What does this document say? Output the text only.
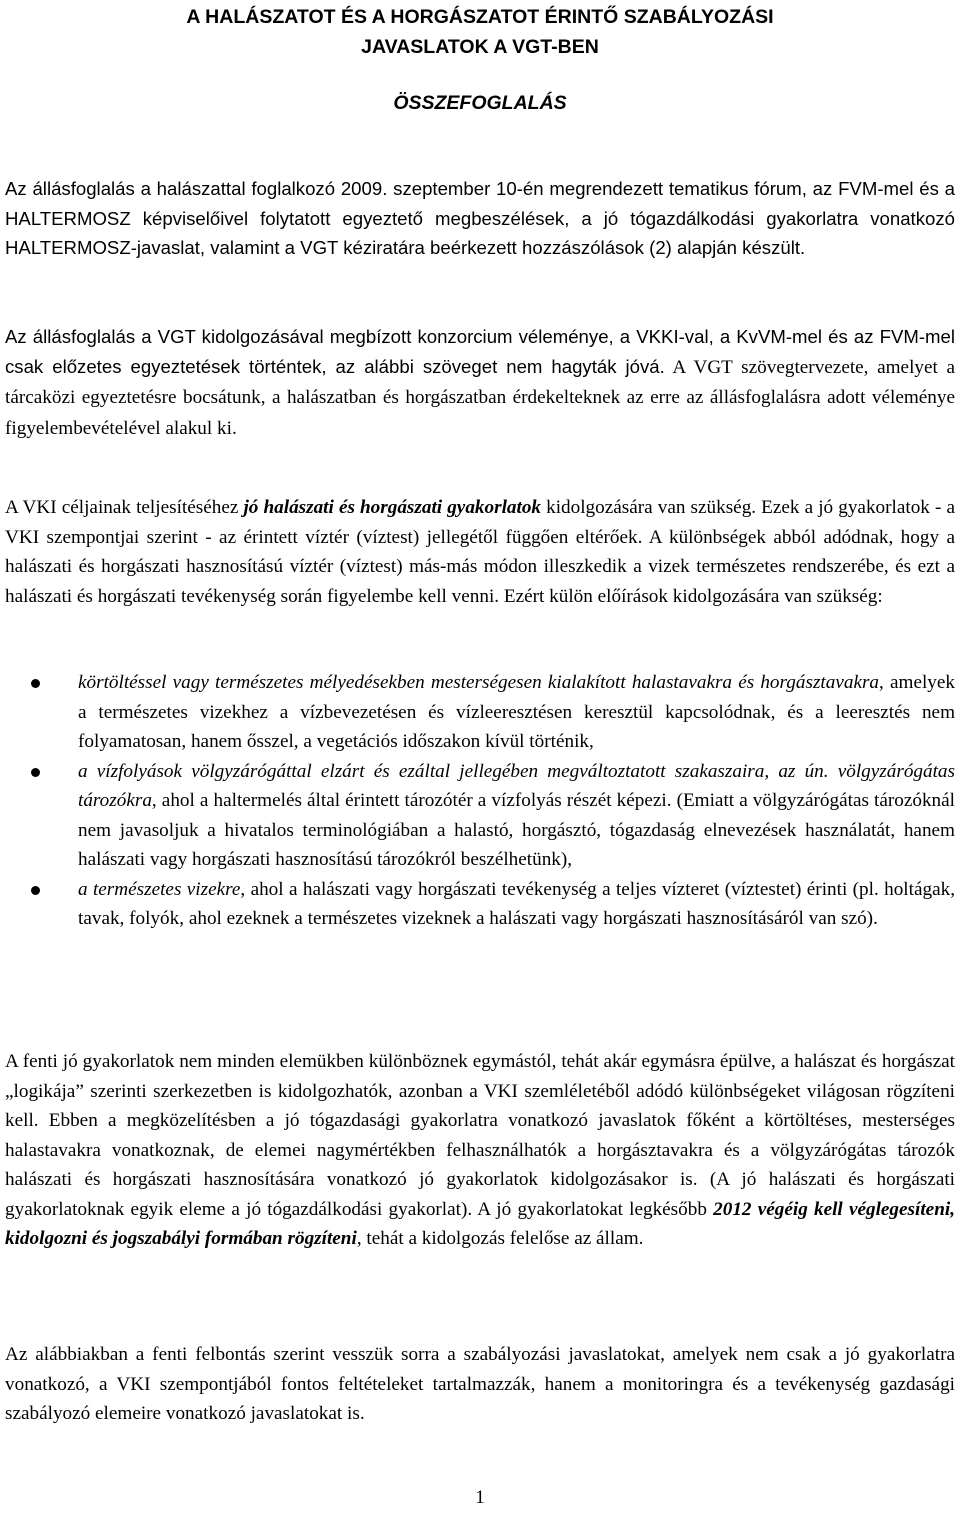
A HALÁSZATOT ÉS A HORGÁSZATOT ÉRINTŐ SZABÁLYOZÁSI

JAVASLATOK A VGT-BEN

ÖSSZEFOGLALÁS

Az állásfoglalás a halászattal foglalkozó 2009. szeptember 10-én megrendezett tematikus fórum, az FVM-mel és a HALTERMOSZ képviselőivel folytatott egyeztető megbeszélések, a jó tógazdálkodási gyakorlatra vonatkozó HALTERMOSZ-javaslat, valamint a VGT kéziratára beérkezett hozzászólások (2) alapján készült.

Az állásfoglalás a VGT kidolgozásával megbízott konzorcium véleménye, a VKKI-val, a KvVM-mel és az FVM-mel csak előzetes egyeztetések történtek, az alábbi szöveget nem hagyták jóvá. A VGT szövegtervezete, amelyet a tárcaközi egyeztetésre bocsátunk, a halászatban és horgászatban érdekelteknek az erre az állásfoglalásra adott véleménye figyelembevételével alakul ki.

A VKI céljainak teljesítéséhez jó halászati és horgászati gyakorlatok kidolgozására van szükség. Ezek a jó gyakorlatok - a VKI szempontjai szerint - az érintett víztér (víztest) jellegétől függően eltérőek. A különbségek abból adódnak, hogy a halászati és horgászati hasznosítású víztér (víztest) más-más módon illeszkedik a vizek természetes rendszerébe, és ezt a halászati és horgászati tevékenység során figyelembe kell venni. Ezért külön előírások kidolgozására van szükség:

körtöltéssel vagy természetes mélyedésekben mesterségesen kialakított halastavakra és horgásztavakra, amelyek a természetes vizekhez a vízbevezetésen és vízleeresztésen keresztül kapcsolódnak, és a leeresztés nem folyamatosan, hanem ősszel, a vegetációs időszakon kívül történik,
a vízfolyások völgyzárógáttal elzárt és ezáltal jellegében megváltoztatott szakaszaira, az ún. völgyzárógátas tározókra, ahol a haltermelés által érintett tározótér a vízfolyás részét képezi. (Emiatt a völgyzárógátas tározóknál nem javasoljuk a hivatalos terminológiában a halastó, horgásztó, tógazdaság elnevezések használatát, hanem halászati vagy horgászati hasznosítású tározókról beszélhetünk),
a természetes vizekre, ahol a halászati vagy horgászati tevékenység a teljes vízteret (víztestet) érinti (pl. holtágak, tavak, folyók, ahol ezeknek a természetes vizeknek a halászati vagy horgászati hasznosításáról van szó).

A fenti jó gyakorlatok nem minden elemükben különböznek egymástól, tehát akár egymásra épülve, a halászat és horgászat „logikája” szerinti szerkezetben is kidolgozhatók, azonban a VKI szemléletéből adódó különbségeket világosan rögzíteni kell. Ebben a megközelítésben a jó tógazdasági gyakorlatra vonatkozó javaslatok főként a körtöltéses, mesterséges halastavakra vonatkoznak, de elemei nagymértékben felhasználhatók a horgásztavakra és a völgyzárógátas tározók halászati és horgászati hasznosítására vonatkozó jó gyakorlatok kidolgozásakor is. (A jó halászati és horgászati gyakorlatoknak egyik eleme a jó tógazdálkodási gyakorlat). A jó gyakorlatokat legkésőbb 2012 végéig kell véglegesíteni, kidolgozni és jogszabályi formában rögzíteni, tehát a kidolgozás felelőse az állam.

Az alábbiakban a fenti felbontás szerint vesszük sorra a szabályozási javaslatokat, amelyek nem csak a jó gyakorlatra vonatkozó, a VKI szempontjából fontos feltételeket tartalmazzák, hanem a monitoringra és a tevékenység gazdasági szabályozó elemeire vonatkozó javaslatokat is.

1
